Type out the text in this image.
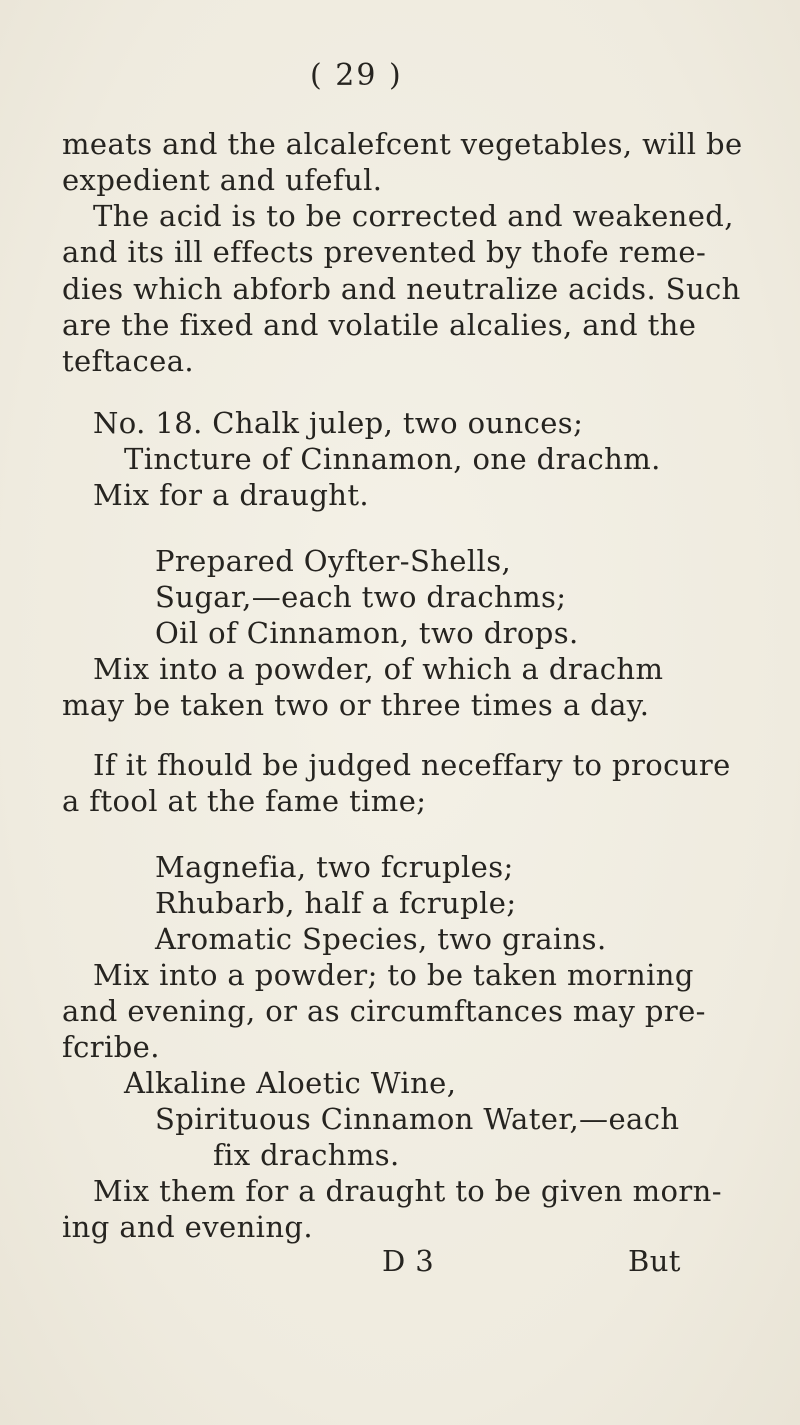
( 29 )
meats and the alcalefcent vegetables, will be
expedient and ufeful.
The acid is to be corrected and weakened,
and its ill effects prevented by thofe reme-
dies which abforb and neutralize acids. Such
are the fixed and volatile alcalies, and the
teftacea.
No. 18. Chalk julep, two ounces;
Tincture of Cinnamon, one drachm.
Mix for a draught.
Prepared Oyfter-Shells,
Sugar,—each two drachms;
Oil of Cinnamon, two drops.
Mix into a powder, of which a drachm
may be taken two or three times a day.
If it fhould be judged neceffary to procure
a ftool at the fame time;
Magnefia, two fcruples;
Rhubarb, half a fcruple;
Aromatic Species, two grains.
Mix into a powder; to be taken morning
and evening, or as circumftances may pre-
fcribe.
Alkaline Aloetic Wine,
Spirituous Cinnamon Water,—each
fix drachms.
Mix them for a draught to be given morn-
ing and evening.
D 3	But
